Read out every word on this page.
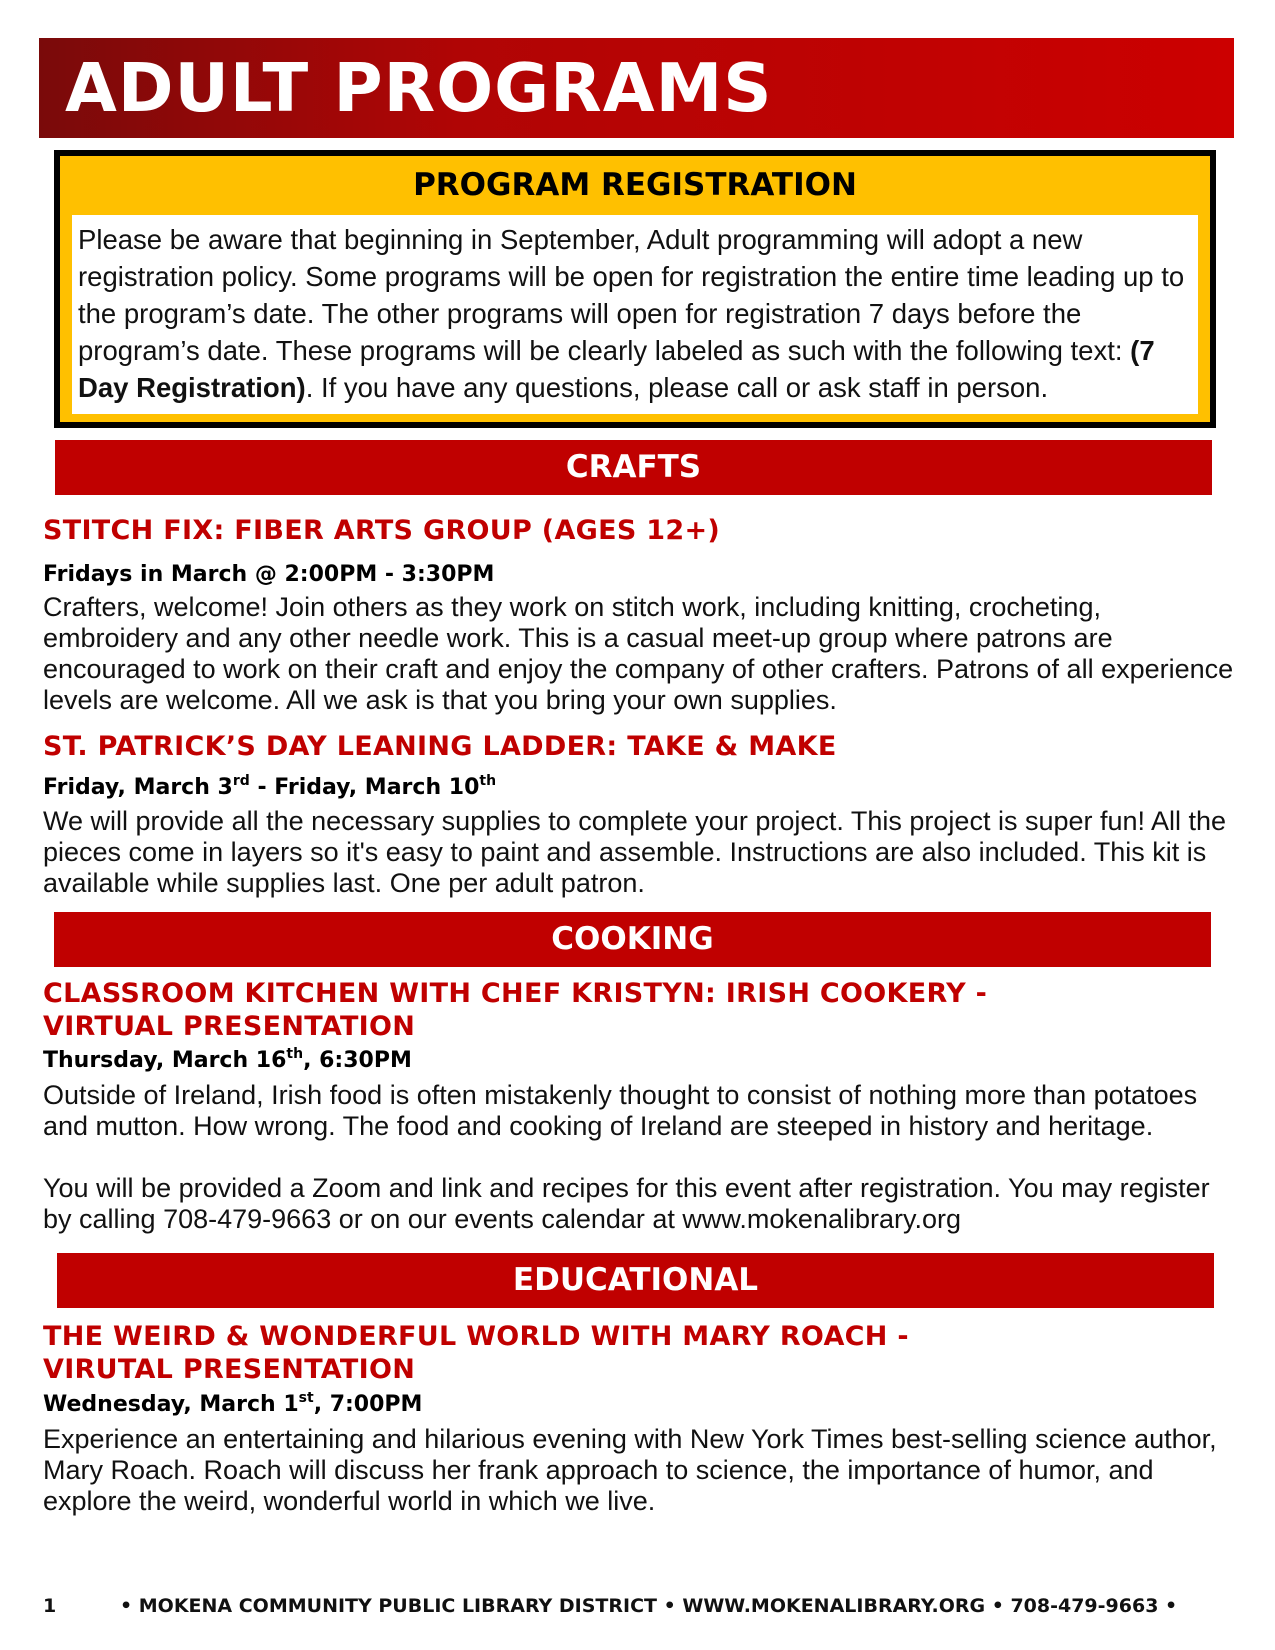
ADULT PROGRAMS
PROGRAM REGISTRATION
Please be aware that beginning in September, Adult programming will adopt a new registration policy. Some programs will be open for registration the entire time leading up to the program’s date. The other programs will open for registration 7 days before the program’s date. These programs will be clearly labeled as such with the following text: (7 Day Registration). If you have any questions, please call or ask staff in person.
CRAFTS
STITCH FIX: FIBER ARTS GROUP (AGES 12+)

Fridays in March @ 2:00PM - 3:30PM

Crafters, welcome! Join others as they work on stitch work, including knitting, crocheting, embroidery and any other needle work. This is a casual meet-up group where patrons are encouraged to work on their craft and enjoy the company of other crafters. Patrons of all experience levels are welcome. All we ask is that you bring your own supplies.

ST. PATRICK’S DAY LEANING LADDER: TAKE & MAKE

Friday, March 3rd - Friday, March 10th

We will provide all the necessary supplies to complete your project. This project is super fun! All the pieces come in layers so it's easy to paint and assemble. Instructions are also included. This kit is available while supplies last. One per adult patron.

COOKING
CLASSROOM KITCHEN WITH CHEF KRISTYN: IRISH COOKERY -
VIRTUAL PRESENTATION

Thursday, March 16th, 6:30PM

Outside of Ireland, Irish food is often mistakenly thought to consist of nothing more than potatoes and mutton. How wrong. The food and cooking of Ireland are steeped in history and heritage.

You will be provided a Zoom and link and recipes for this event after registration. You may register by calling 708-479-9663 or on our events calendar at www.mokenalibrary.org

EDUCATIONAL
THE WEIRD & WONDERFUL WORLD WITH MARY ROACH -
VIRUTAL PRESENTATION

Wednesday, March 1st, 7:00PM

Experience an entertaining and hilarious evening with New York Times best-selling science author, Mary Roach. Roach will discuss her frank approach to science, the importance of humor, and explore the weird, wonderful world in which we live.

1	• MOKENA COMMUNITY PUBLIC LIBRARY DISTRICT • WWW.MOKENALIBRARY.ORG • 708-479-9663 •
